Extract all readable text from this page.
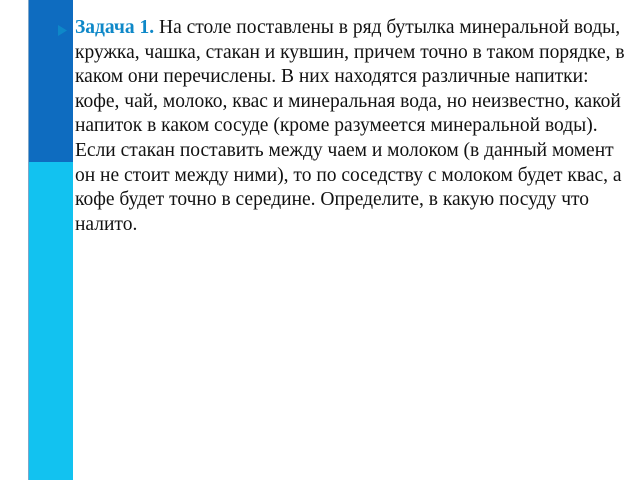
Задача 1. На столе поставлены в ряд бутылка минеральной воды, кружка, чашка, стакан и кувшин, причем точно в таком порядке, в каком они перечислены. В них находятся различные напитки: кофе, чай, молоко, квас и минеральная вода, но неизвестно, какой напиток в каком сосуде (кроме разумеется минеральной воды). Если стакан поставить между чаем и молоком (в данный момент он не стоит между ними), то по соседству с молоком будет квас, а кофе будет точно в середине. Определите, в какую посуду что налито.
